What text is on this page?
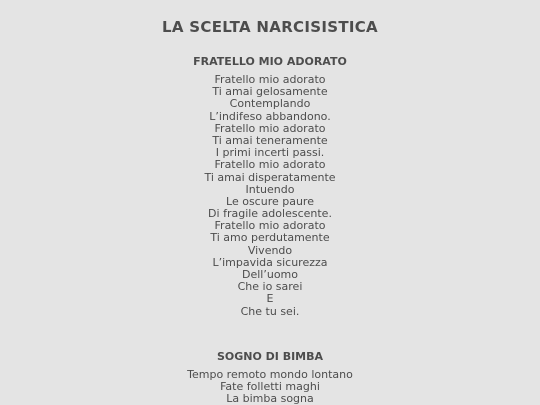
LA SCELTA NARCISISTICA
FRATELLO MIO ADORATO
Fratello mio adorato
Ti amai gelosamente
Contemplando
L’indifeso abbandono.
Fratello mio adorato
Ti amai teneramente
I primi incerti passi.
Fratello mio adorato
Ti amai disperatamente
Intuendo
Le oscure paure
Di fragile adolescente.
Fratello mio adorato
Ti amo perdutamente
Vivendo
L’impavida sicurezza
Dell’uomo
Che io sarei
E
Che tu sei.
SOGNO DI BIMBA
Tempo remoto mondo lontano
Fate folletti maghi
La bimba sogna
